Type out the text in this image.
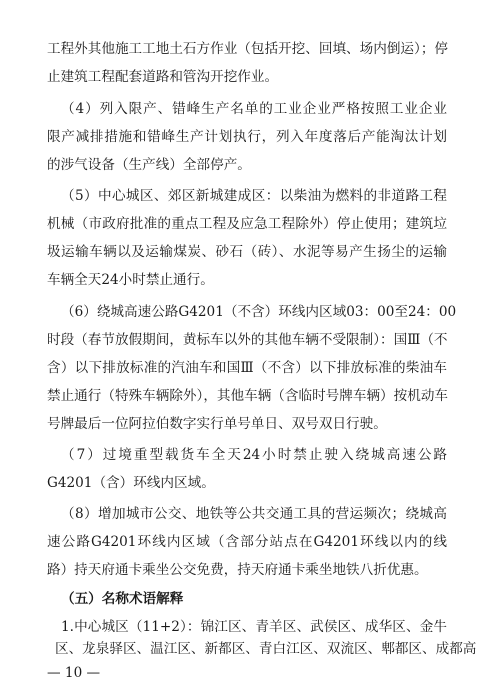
工程外其他施工工地土石方作业（包括开挖、回填、场内倒运）；停
止建筑工程配套道路和管沟开挖作业。
（4）列入限产、错峰生产名单的工业企业严格按照工业企业
限产减排措施和错峰生产计划执行，列入年度落后产能淘汰计划
的涉气设备（生产线）全部停产。
（5）中心城区、郊区新城建成区：以柴油为燃料的非道路工程
机械（市政府批准的重点工程及应急工程除外）停止使用；建筑垃
圾运输车辆以及运输煤炭、砂石（砖）、水泥等易产生扬尘的运输
车辆全天24小时禁止通行。
（6）绕城高速公路G4201（不含）环线内区域03：00至24：00
时段（春节放假期间，黄标车以外的其他车辆不受限制）：国Ⅲ（不
含）以下排放标准的汽油车和国Ⅲ（不含）以下排放标准的柴油车
禁止通行（特殊车辆除外），其他车辆（含临时号牌车辆）按机动车
号牌最后一位阿拉伯数字实行单号单日、双号双日行驶。
（7）过境重型载货车全天24小时禁止驶入绕城高速公路
G4201（含）环线内区域。
（8）增加城市公交、地铁等公共交通工具的营运频次；绕城高
速公路G4201环线内区域（含部分站点在G4201环线以内的线
路）持天府通卡乘坐公交免费，持天府通卡乘坐地铁八折优惠。
（五）名称术语解释
1.中心城区（11+2）：锦江区、青羊区、武侯区、成华区、金牛
区、龙泉驿区、温江区、新都区、青白江区、双流区、郫都区、成都高
— 10 —
